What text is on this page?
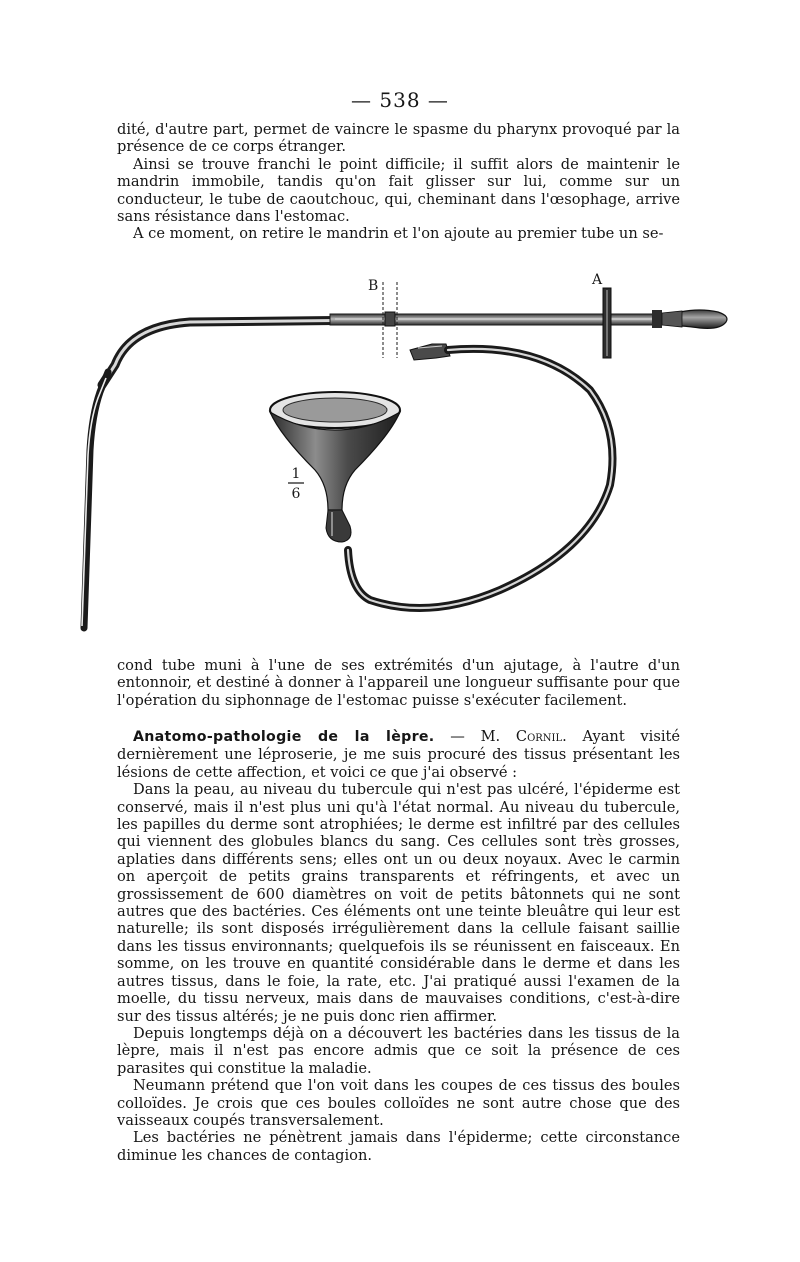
— 538 —

dité, d'autre part, permet de vaincre le spasme du pharynx provoqué par la présence de ce corps étranger.

Ainsi se trouve franchi le point difficile; il suffit alors de maintenir le mandrin immobile, tandis qu'on fait glisser sur lui, comme sur un conducteur, le tube de caoutchouc, qui, cheminant dans l'œsophage, arrive sans résistance dans l'estomac.

A ce moment, on retire le mandrin et l'on ajoute au premier tube un se-

B	A
1
6

cond tube muni à l'une de ses extrémités d'un ajutage, à l'autre d'un entonnoir, et destiné à donner à l'appareil une longueur suffisante pour que l'opération du siphonnage de l'estomac puisse s'exécuter facilement.

Anatomo-pathologie de la lèpre. — M. Cornil. Ayant visité dernièrement une léproserie, je me suis procuré des tissus présentant les lésions de cette affection, et voici ce que j'ai observé :

Dans la peau, au niveau du tubercule qui n'est pas ulcéré, l'épiderme est conservé, mais il n'est plus uni qu'à l'état normal. Au niveau du tubercule, les papilles du derme sont atrophiées; le derme est infiltré par des cellules qui viennent des globules blancs du sang. Ces cellules sont très grosses, aplaties dans différents sens; elles ont un ou deux noyaux. Avec le carmin on aperçoit de petits grains transparents et réfringents, et avec un grossissement de 600 diamètres on voit de petits bâtonnets qui ne sont autres que des bactéries. Ces éléments ont une teinte bleuâtre qui leur est naturelle; ils sont disposés irrégulièrement dans la cellule faisant saillie dans les tissus environnants; quelquefois ils se réunissent en faisceaux. En somme, on les trouve en quantité considérable dans le derme et dans les autres tissus, dans le foie, la rate, etc. J'ai pratiqué aussi l'examen de la moelle, du tissu nerveux, mais dans de mauvaises conditions, c'est-à-dire sur des tissus altérés; je ne puis donc rien affirmer.

Depuis longtemps déjà on a découvert les bactéries dans les tissus de la lèpre, mais il n'est pas encore admis que ce soit la présence de ces parasites qui constitue la maladie.

Neumann prétend que l'on voit dans les coupes de ces tissus des boules colloïdes. Je crois que ces boules colloïdes ne sont autre chose que des vaisseaux coupés transversalement.

Les bactéries ne pénètrent jamais dans l'épiderme; cette circonstance diminue les chances de contagion.
